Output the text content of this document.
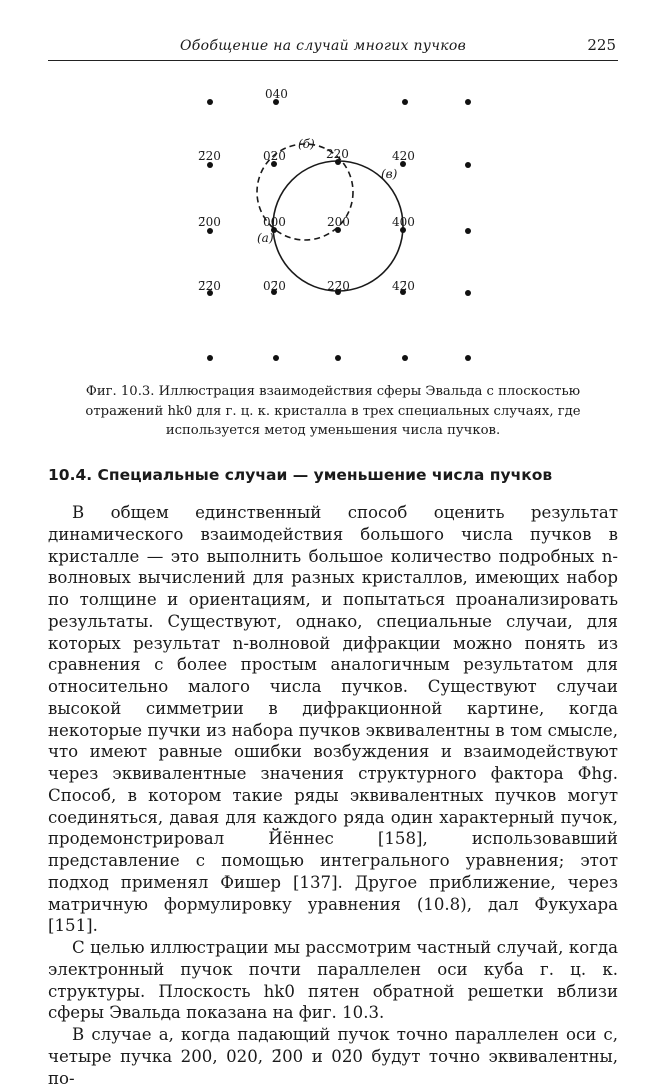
Обобщение на случай многих пучков	225
040
2̄20	020	220	420
2̄00	000	200	400
2̄2̄0	02̄0	22̄0	42̄0
(б)
(в)
(а)
Фиг. 10.3. Иллюстрация взаимодействия сферы Эвальда с плоскостью отражений hk0 для г. ц. к. кристалла в трех специальных случаях, где используется метод уменьшения числа пучков.
10.4. Специальные случаи — уменьшение числа пучков

В общем единственный способ оценить результат динамического взаимодействия большого числа пучков в кристалле — это выполнить большое количество подробных n-волновых вычислений для разных кристаллов, имеющих набор по толщине и ориентациям, и попытаться проанализировать результаты. Существуют, однако, специальные случаи, для которых результат n-волновой дифракции можно понять из сравнения с более простым аналогичным результатом для относительно малого числа пучков. Существуют случаи высокой симметрии в дифракционной картине, когда некоторые пучки из набора пучков эквивалентны в том смысле, что имеют равные ошибки возбуждения и взаимодействуют через эквивалентные значения структурного фактора Φhg. Способ, в котором такие ряды эквивалентных пучков могут соединяться, давая для каждого ряда один характерный пучок, продемонстрировал Йённес [158], использовавший представление с помощью интегрального уравнения; этот подход применял Фишер [137]. Другое приближение, через матричную формулировку уравнения (10.8), дал Фукухара [151].

С целью иллюстрации мы рассмотрим частный случай, когда электронный пучок почти параллелен оси куба г. ц. к. структуры. Плоскость hk0 пятен обратной решетки вблизи сферы Эвальда показана на фиг. 10.3.

В случае а, когда падающий пучок точно параллелен оси c, четыре пучка 200, 020, 2̄00 и 02̄0 будут точно эквивалентны, по-
